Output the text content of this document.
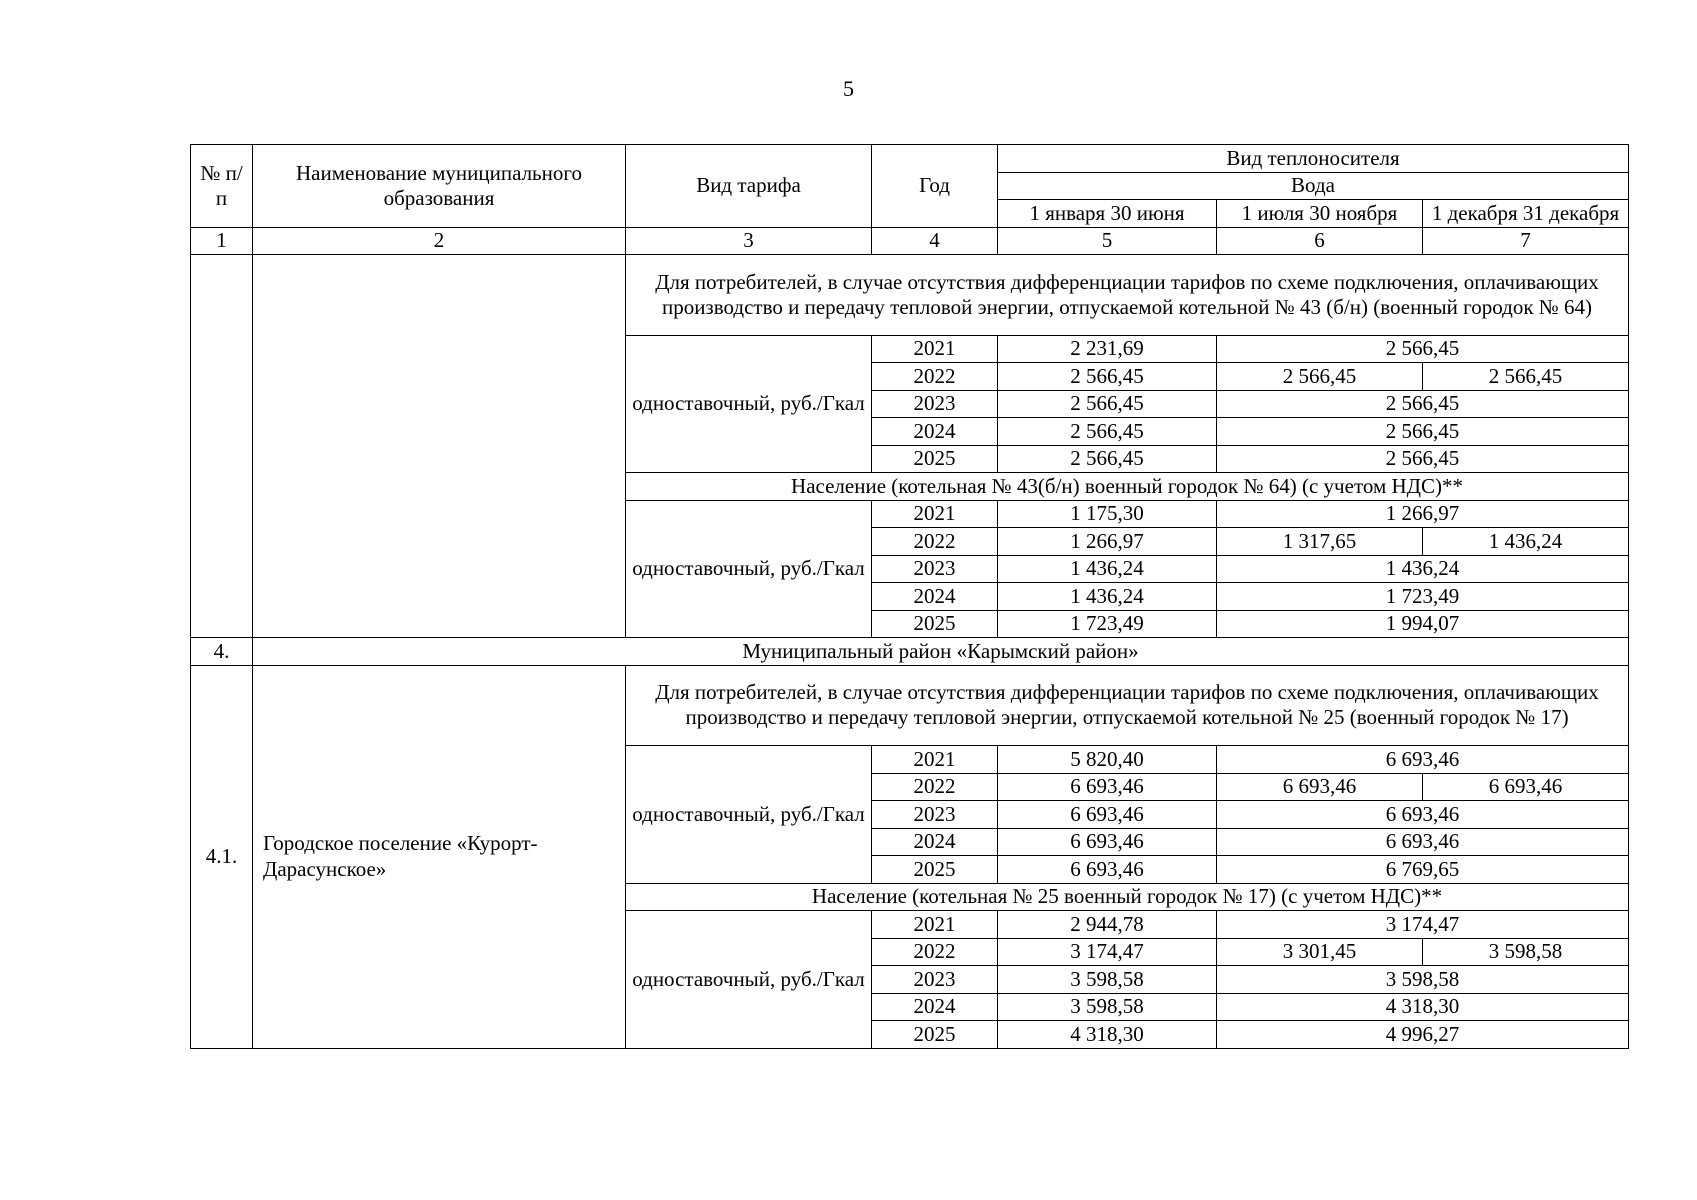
5
№ п/п	Наименование муниципального образования	Вид тарифа	Год	Вид теплоносителя		
				Вода		
				1 января 30 июня	1 июля 30 ноября	1 декабря 31 декабря
1	2	3	4	5	6	7
		Для потребителей, в случае отсутствия дифференциации тарифов по схеме подключения, оплачивающих производство и передачу тепловой энергии, отпускаемой котельной № 43 (б/н) (военный городок № 64)				
		одноставочный, руб./Гкал	2021	2 231,69	2 566,45	
			2022	2 566,45	2 566,45	2 566,45
			2023	2 566,45	2 566,45	
			2024	2 566,45	2 566,45	
			2025	2 566,45	2 566,45	
		Население (котельная № 43(б/н) военный городок № 64) (с учетом НДС)**				
		одноставочный, руб./Гкал	2021	1 175,30	1 266,97	
			2022	1 266,97	1 317,65	1 436,24
			2023	1 436,24	1 436,24	
			2024	1 436,24	1 723,49	
			2025	1 723,49	1 994,07	
4.	Муниципальный район «Карымский район»					
4.1.	Городское поселение «Курорт-Дарасунское»	Для потребителей, в случае отсутствия дифференциации тарифов по схеме подключения, оплачивающих производство и передачу тепловой энергии, отпускаемой котельной № 25 (военный городок № 17)				
		одноставочный, руб./Гкал	2021	5 820,40	6 693,46	
			2022	6 693,46	6 693,46	6 693,46
			2023	6 693,46	6 693,46	
			2024	6 693,46	6 693,46	
			2025	6 693,46	6 769,65	
		Население (котельная № 25 военный городок № 17) (с учетом НДС)**				
		одноставочный, руб./Гкал	2021	2 944,78	3 174,47	
			2022	3 174,47	3 301,45	3 598,58
			2023	3 598,58	3 598,58	
			2024	3 598,58	4 318,30	
			2025	4 318,30	4 996,27	
